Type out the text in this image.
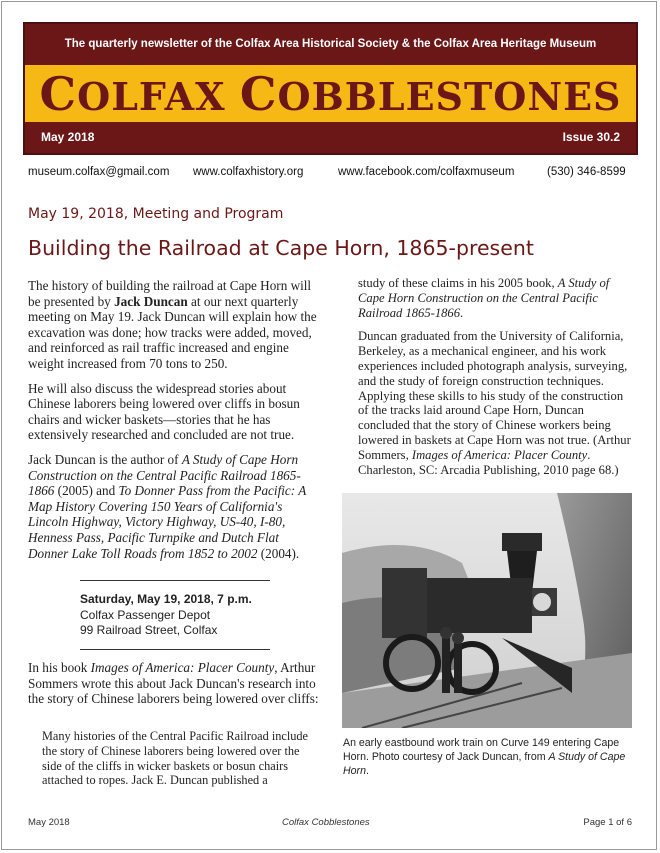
The quarterly newsletter of the Colfax Area Historical Society & the Colfax Area Heritage Museum
COLFAX COBBLESTONES
May 2018	Issue 30.2
museum.colfax@gmail.com www.colfaxhistory.org	www.facebook.com/colfaxmuseum	(530) 346-8599
May 19, 2018, Meeting and Program
Building the Railroad at Cape Horn, 1865-present

The history of building the railroad at Cape Horn will be presented by Jack Duncan at our next quarterly meeting on May 19. Jack Duncan will explain how the excavation was done; how tracks were added, moved, and reinforced as rail traffic increased and engine weight increased from 70 tons to 250.

He will also discuss the widespread stories about Chinese laborers being lowered over cliffs in bosun chairs and wicker baskets—stories that he has extensively researched and concluded are not true.

Jack Duncan is the author of A Study of Cape Horn Construction on the Central Pacific Railroad 1865-1866 (2005) and To Donner Pass from the Pacific: A Map History Covering 150 Years of California's Lincoln Highway, Victory Highway, US-40, I-80, Henness Pass, Pacific Turnpike and Dutch Flat Donner Lake Toll Roads from 1852 to 2002 (2004).

Saturday, May 19, 2018, 7 p.m.
Colfax Passenger Depot
99 Railroad Street, Colfax
In his book Images of America: Placer County, Arthur Sommers wrote this about Jack Duncan's research into the story of Chinese laborers being lowered over cliffs:
Many histories of the Central Pacific Railroad include the story of Chinese laborers being lowered over the side of the cliffs in wicker baskets or bosun chairs attached to ropes. Jack E. Duncan published a

study of these claims in his 2005 book, A Study of Cape Horn Construction on the Central Pacific Railroad 1865-1866.

Duncan graduated from the University of California, Berkeley, as a mechanical engineer, and his work experiences included photograph analysis, surveying, and the study of foreign construction techniques. Applying these skills to his study of the construction of the tracks laid around Cape Horn, Duncan concluded that the story of Chinese workers being lowered in baskets at Cape Horn was not true. (Arthur Sommers, Images of America: Placer County. Charleston, SC: Arcadia Publishing, 2010 page 68.)

An early eastbound work train on Curve 149 entering Cape Horn. Photo courtesy of Jack Duncan, from A Study of Cape Horn.
May 2018	Colfax Cobblestones	Page 1 of 6
